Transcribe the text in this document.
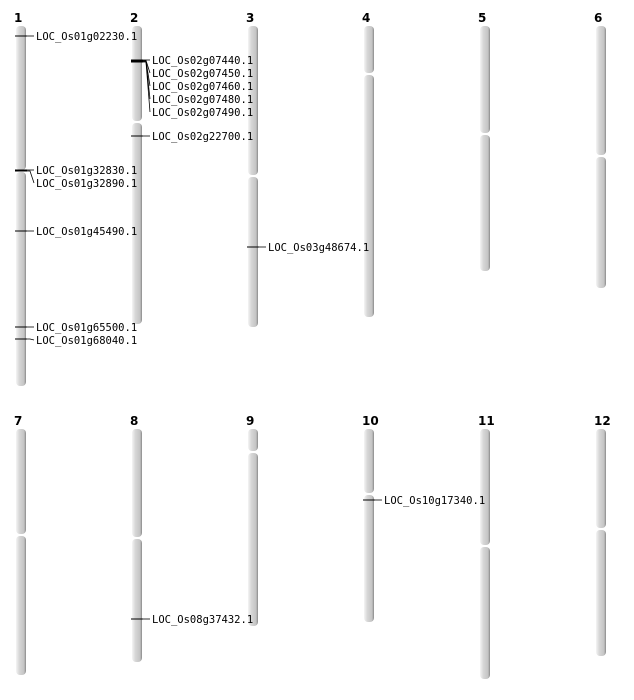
1	2	3	4	5	6
7	8	9	10	11	12
LOC_Os01g02230.1
LOC_Os01g32830.1
LOC_Os01g32890.1
LOC_Os01g45490.1
LOC_Os01g65500.1
LOC_Os01g68040.1
LOC_Os02g07440.1
LOC_Os02g07450.1
LOC_Os02g07460.1
LOC_Os02g07480.1
LOC_Os02g07490.1
LOC_Os02g22700.1
LOC_Os03g48674.1
LOC_Os08g37432.1
LOC_Os10g17340.1
